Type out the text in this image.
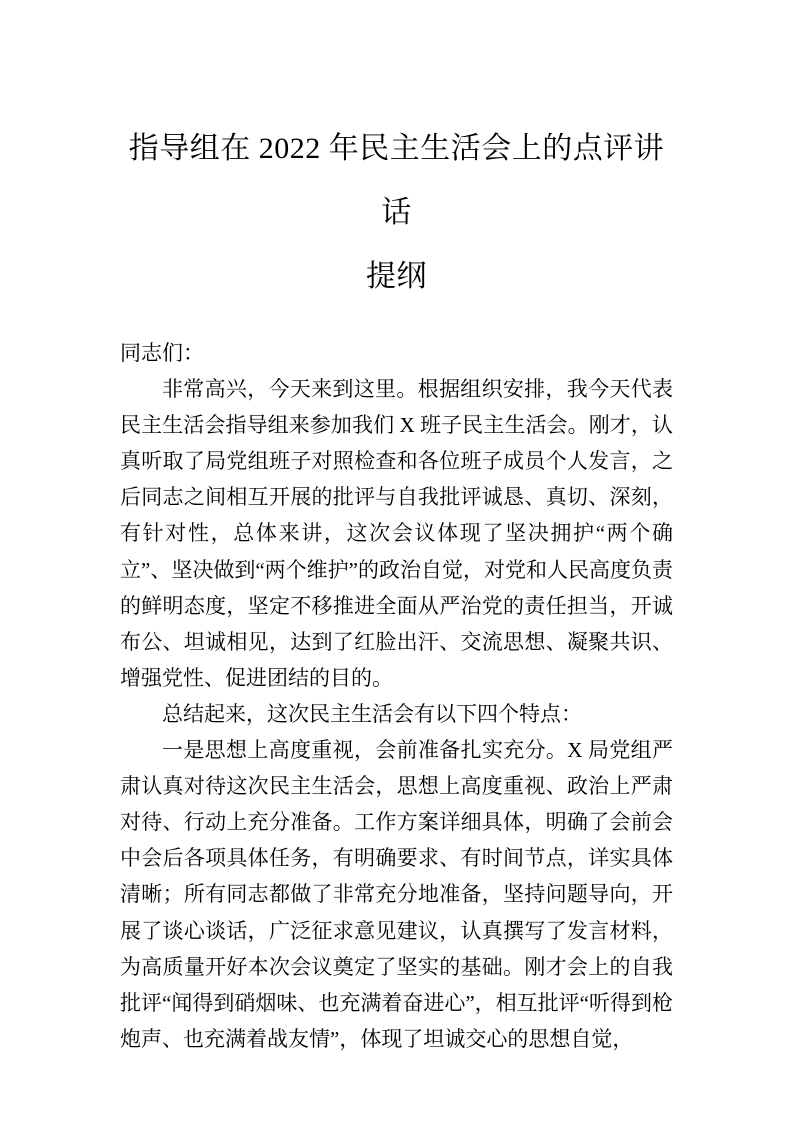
指导组在 2022 年民主生活会上的点评讲话
提纲

同志们：

非常高兴，今天来到这里。根据组织安排，我今天代表民主生活会指导组来参加我们 X 班子民主生活会。刚才，认真听取了局党组班子对照检查和各位班子成员个人发言，之后同志之间相互开展的批评与自我批评诚恳、真切、深刻，有针对性，总体来讲，这次会议体现了坚决拥护“两个确立”、坚决做到“两个维护”的政治自觉，对党和人民高度负责的鲜明态度，坚定不移推进全面从严治党的责任担当，开诚布公、坦诚相见，达到了红脸出汗、交流思想、凝聚共识、增强党性、促进团结的目的。

总结起来，这次民主生活会有以下四个特点：

一是思想上高度重视，会前准备扎实充分。X 局党组严肃认真对待这次民主生活会，思想上高度重视、政治上严肃对待、行动上充分准备。工作方案详细具体，明确了会前会中会后各项具体任务，有明确要求、有时间节点，详实具体清晰；所有同志都做了非常充分地准备，坚持问题导向，开展了谈心谈话，广泛征求意见建议，认真撰写了发言材料，为高质量开好本次会议奠定了坚实的基础。刚才会上的自我批评“闻得到硝烟味、也充满着奋进心”，相互批评“听得到枪炮声、也充满着战友情”，体现了坦诚交心的思想自觉，
